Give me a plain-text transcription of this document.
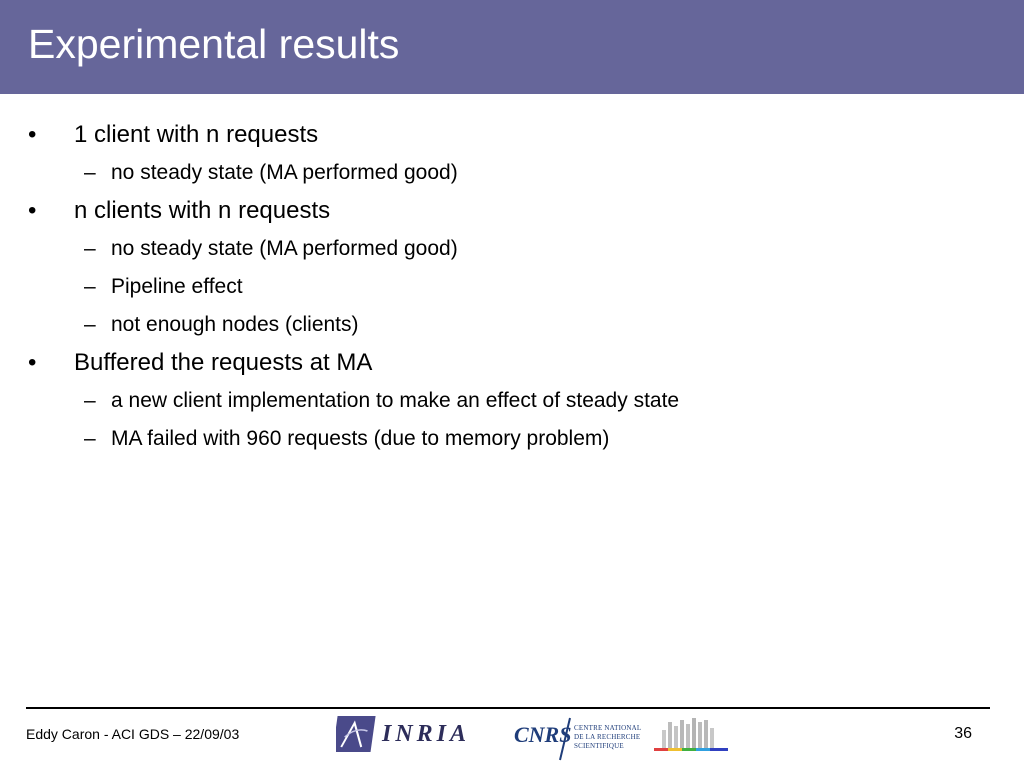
Experimental results
• 1 client with n requests
– no steady state (MA performed good)
• n clients with n requests
– no steady state (MA performed good)
– Pipeline effect
– not enough nodes (clients)
• Buffered the requests at MA
– a new client implementation to make an effect of steady state
– MA failed with 960 requests (due to memory problem)
Eddy Caron - ACI GDS – 22/09/03	INRIA CNRS CENTRE NATIONAL
DE LA RECHERCHE
SCIENTIFIQUE
36
